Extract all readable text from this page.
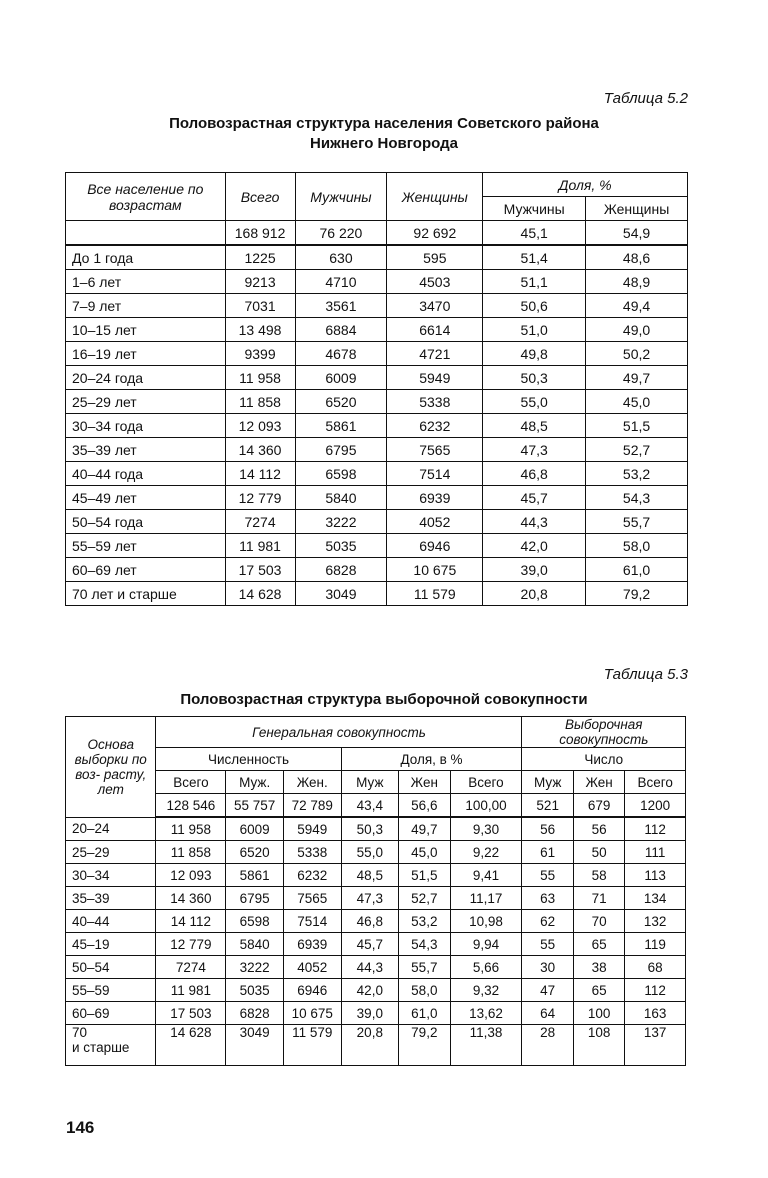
Таблица 5.2
Половозрастная структура населения Советского района
Нижнего Новгорода
Все население по возрастам	Всего	Мужчины	Женщины	Доля, %	
				Мужчины	Женщины
	168 912	76 220	92 692	45,1	54,9
До 1 года	1225	630	595	51,4	48,6
1–6 лет	9213	4710	4503	51,1	48,9
7–9 лет	7031	3561	3470	50,6	49,4
10–15 лет	13 498	6884	6614	51,0	49,0
16–19 лет	9399	4678	4721	49,8	50,2
20–24 года	11 958	6009	5949	50,3	49,7
25–29 лет	11 858	6520	5338	55,0	45,0
30–34 года	12 093	5861	6232	48,5	51,5
35–39 лет	14 360	6795	7565	47,3	52,7
40–44 года	14 112	6598	7514	46,8	53,2
45–49 лет	12 779	5840	6939	45,7	54,3
50–54 года	7274	3222	4052	44,3	55,7
55–59 лет	11 981	5035	6946	42,0	58,0
60–69 лет	17 503	6828	10 675	39,0	61,0
70 лет и старше	14 628	3049	11 579	20,8	79,2
Таблица 5.3
Половозрастная структура выборочной совокупности
Основа выборки по воз- расту, лет	Генеральная совокупность						Выборочная совокупность		
	Численность			Доля, в %			Число		
	Всего	Муж.	Жен.	Муж	Жен	Всего	Муж	Жен	Всего
	128 546	55 757	72 789	43,4	56,6	100,00	521	679	1200
20–24	11 958	6009	5949	50,3	49,7	9,30	56	56	112
25–29	11 858	6520	5338	55,0	45,0	9,22	61	50	111
30–34	12 093	5861	6232	48,5	51,5	9,41	55	58	113
35–39	14 360	6795	7565	47,3	52,7	11,17	63	71	134
40–44	14 112	6598	7514	46,8	53,2	10,98	62	70	132
45–19	12 779	5840	6939	45,7	54,3	9,94	55	65	119
50–54	7274	3222	4052	44,3	55,7	5,66	30	38	68
55–59	11 981	5035	6946	42,0	58,0	9,32	47	65	112
60–69	17 503	6828	10 675	39,0	61,0	13,62	64	100	163

70
и старше	14 628	3049	11 579	20,8	79,2	11,38	28	108	137
146
